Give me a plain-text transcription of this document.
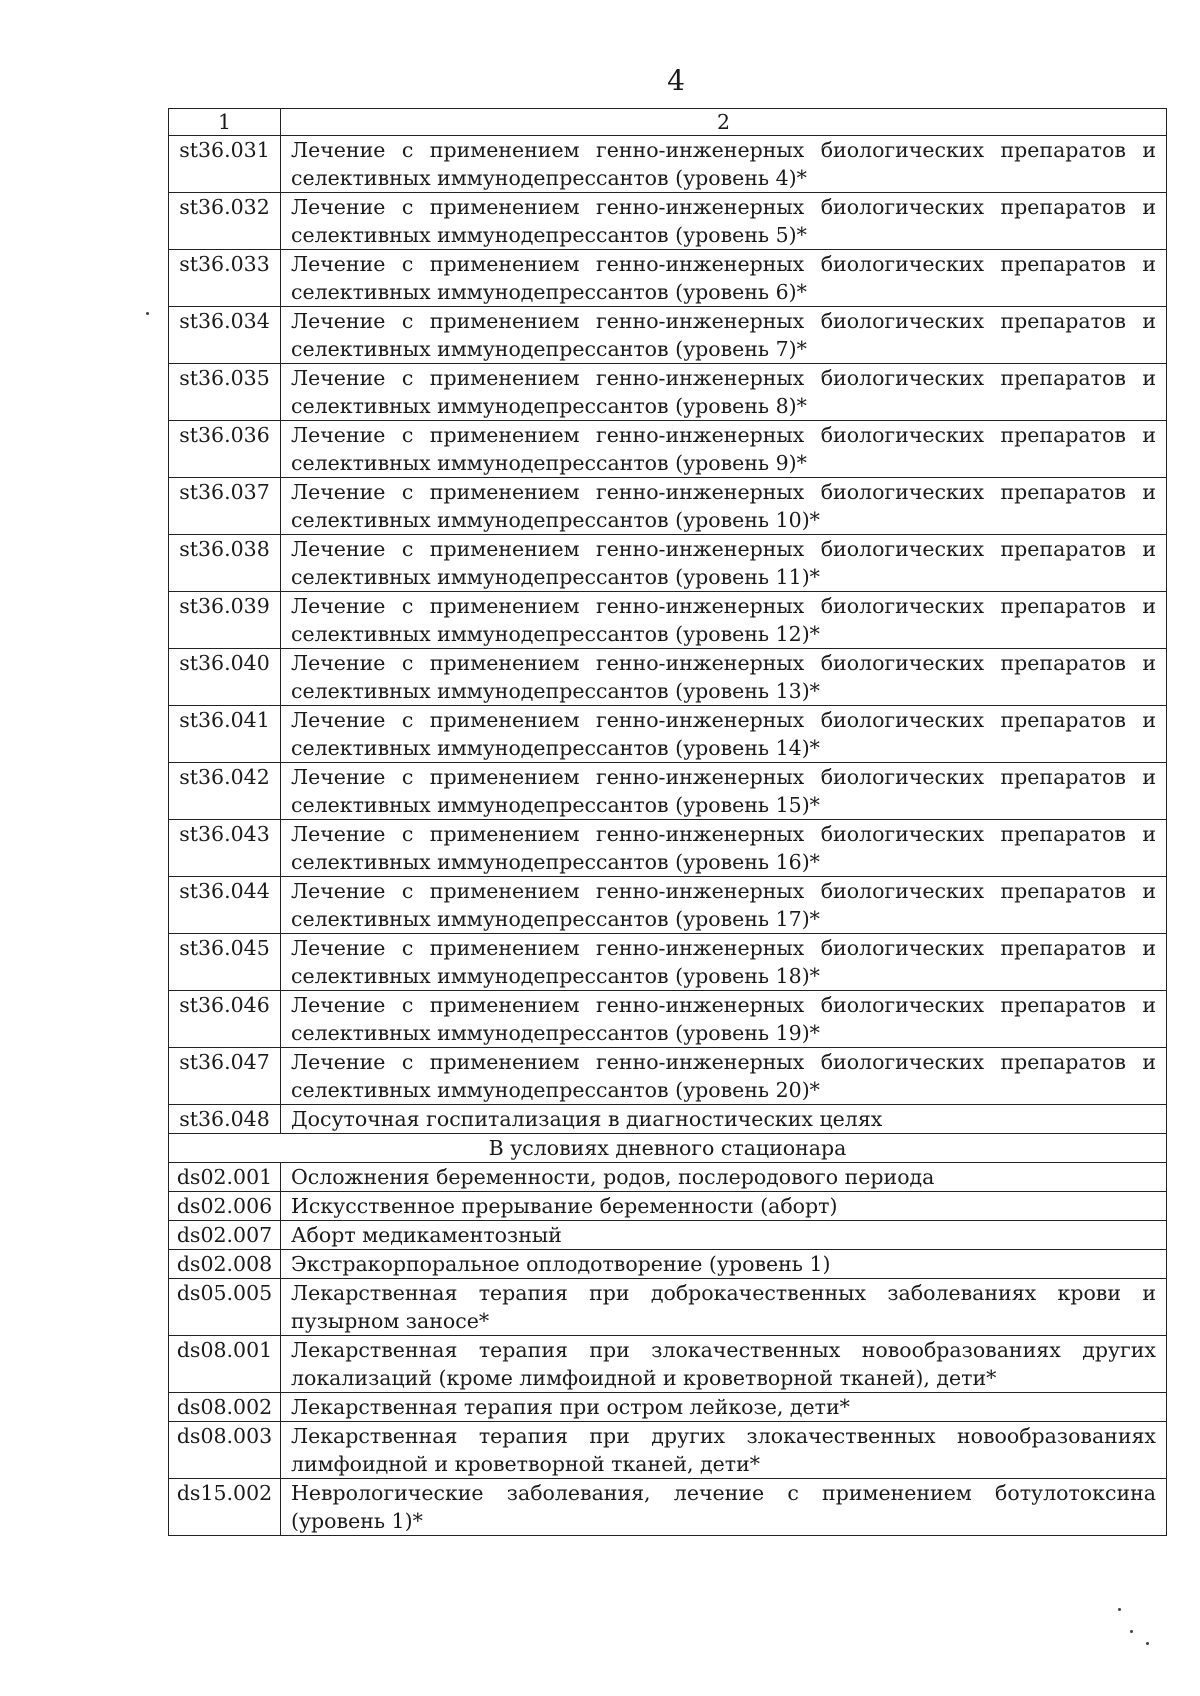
4
1	2
st36.031	Лечение с применением генно-инженерных биологических препаратов и селективных иммунодепрессантов (уровень 4)*
st36.032	Лечение с применением генно-инженерных биологических препаратов и селективных иммунодепрессантов (уровень 5)*
st36.033	Лечение с применением генно-инженерных биологических препаратов и селективных иммунодепрессантов (уровень 6)*
st36.034	Лечение с применением генно-инженерных биологических препаратов и селективных иммунодепрессантов (уровень 7)*
st36.035	Лечение с применением генно-инженерных биологических препаратов и селективных иммунодепрессантов (уровень 8)*
st36.036	Лечение с применением генно-инженерных биологических препаратов и селективных иммунодепрессантов (уровень 9)*
st36.037	Лечение с применением генно-инженерных биологических препаратов и селективных иммунодепрессантов (уровень 10)*
st36.038	Лечение с применением генно-инженерных биологических препаратов и селективных иммунодепрессантов (уровень 11)*
st36.039	Лечение с применением генно-инженерных биологических препаратов и селективных иммунодепрессантов (уровень 12)*
st36.040	Лечение с применением генно-инженерных биологических препаратов и селективных иммунодепрессантов (уровень 13)*
st36.041	Лечение с применением генно-инженерных биологических препаратов и селективных иммунодепрессантов (уровень 14)*
st36.042	Лечение с применением генно-инженерных биологических препаратов и селективных иммунодепрессантов (уровень 15)*
st36.043	Лечение с применением генно-инженерных биологических препаратов и селективных иммунодепрессантов (уровень 16)*
st36.044	Лечение с применением генно-инженерных биологических препаратов и селективных иммунодепрессантов (уровень 17)*
st36.045	Лечение с применением генно-инженерных биологических препаратов и селективных иммунодепрессантов (уровень 18)*
st36.046	Лечение с применением генно-инженерных биологических препаратов и селективных иммунодепрессантов (уровень 19)*
st36.047	Лечение с применением генно-инженерных биологических препаратов и селективных иммунодепрессантов (уровень 20)*
st36.048	Досуточная госпитализация в диагностических целях
В условиях дневного стационара	
ds02.001	Осложнения беременности, родов, послеродового периода
ds02.006	Искусственное прерывание беременности (аборт)
ds02.007	Аборт медикаментозный
ds02.008	Экстракорпоральное оплодотворение (уровень 1)
ds05.005	Лекарственная терапия при доброкачественных заболеваниях крови и пузырном заносе*
ds08.001	Лекарственная терапия при злокачественных новообразованиях других локализаций (кроме лимфоидной и кроветворной тканей), дети*
ds08.002	Лекарственная терапия при остром лейкозе, дети*
ds08.003	Лекарственная терапия при других злокачественных новообразованиях лимфоидной и кроветворной тканей, дети*
ds15.002	Неврологические заболевания, лечение с применением ботулотоксина (уровень 1)*
